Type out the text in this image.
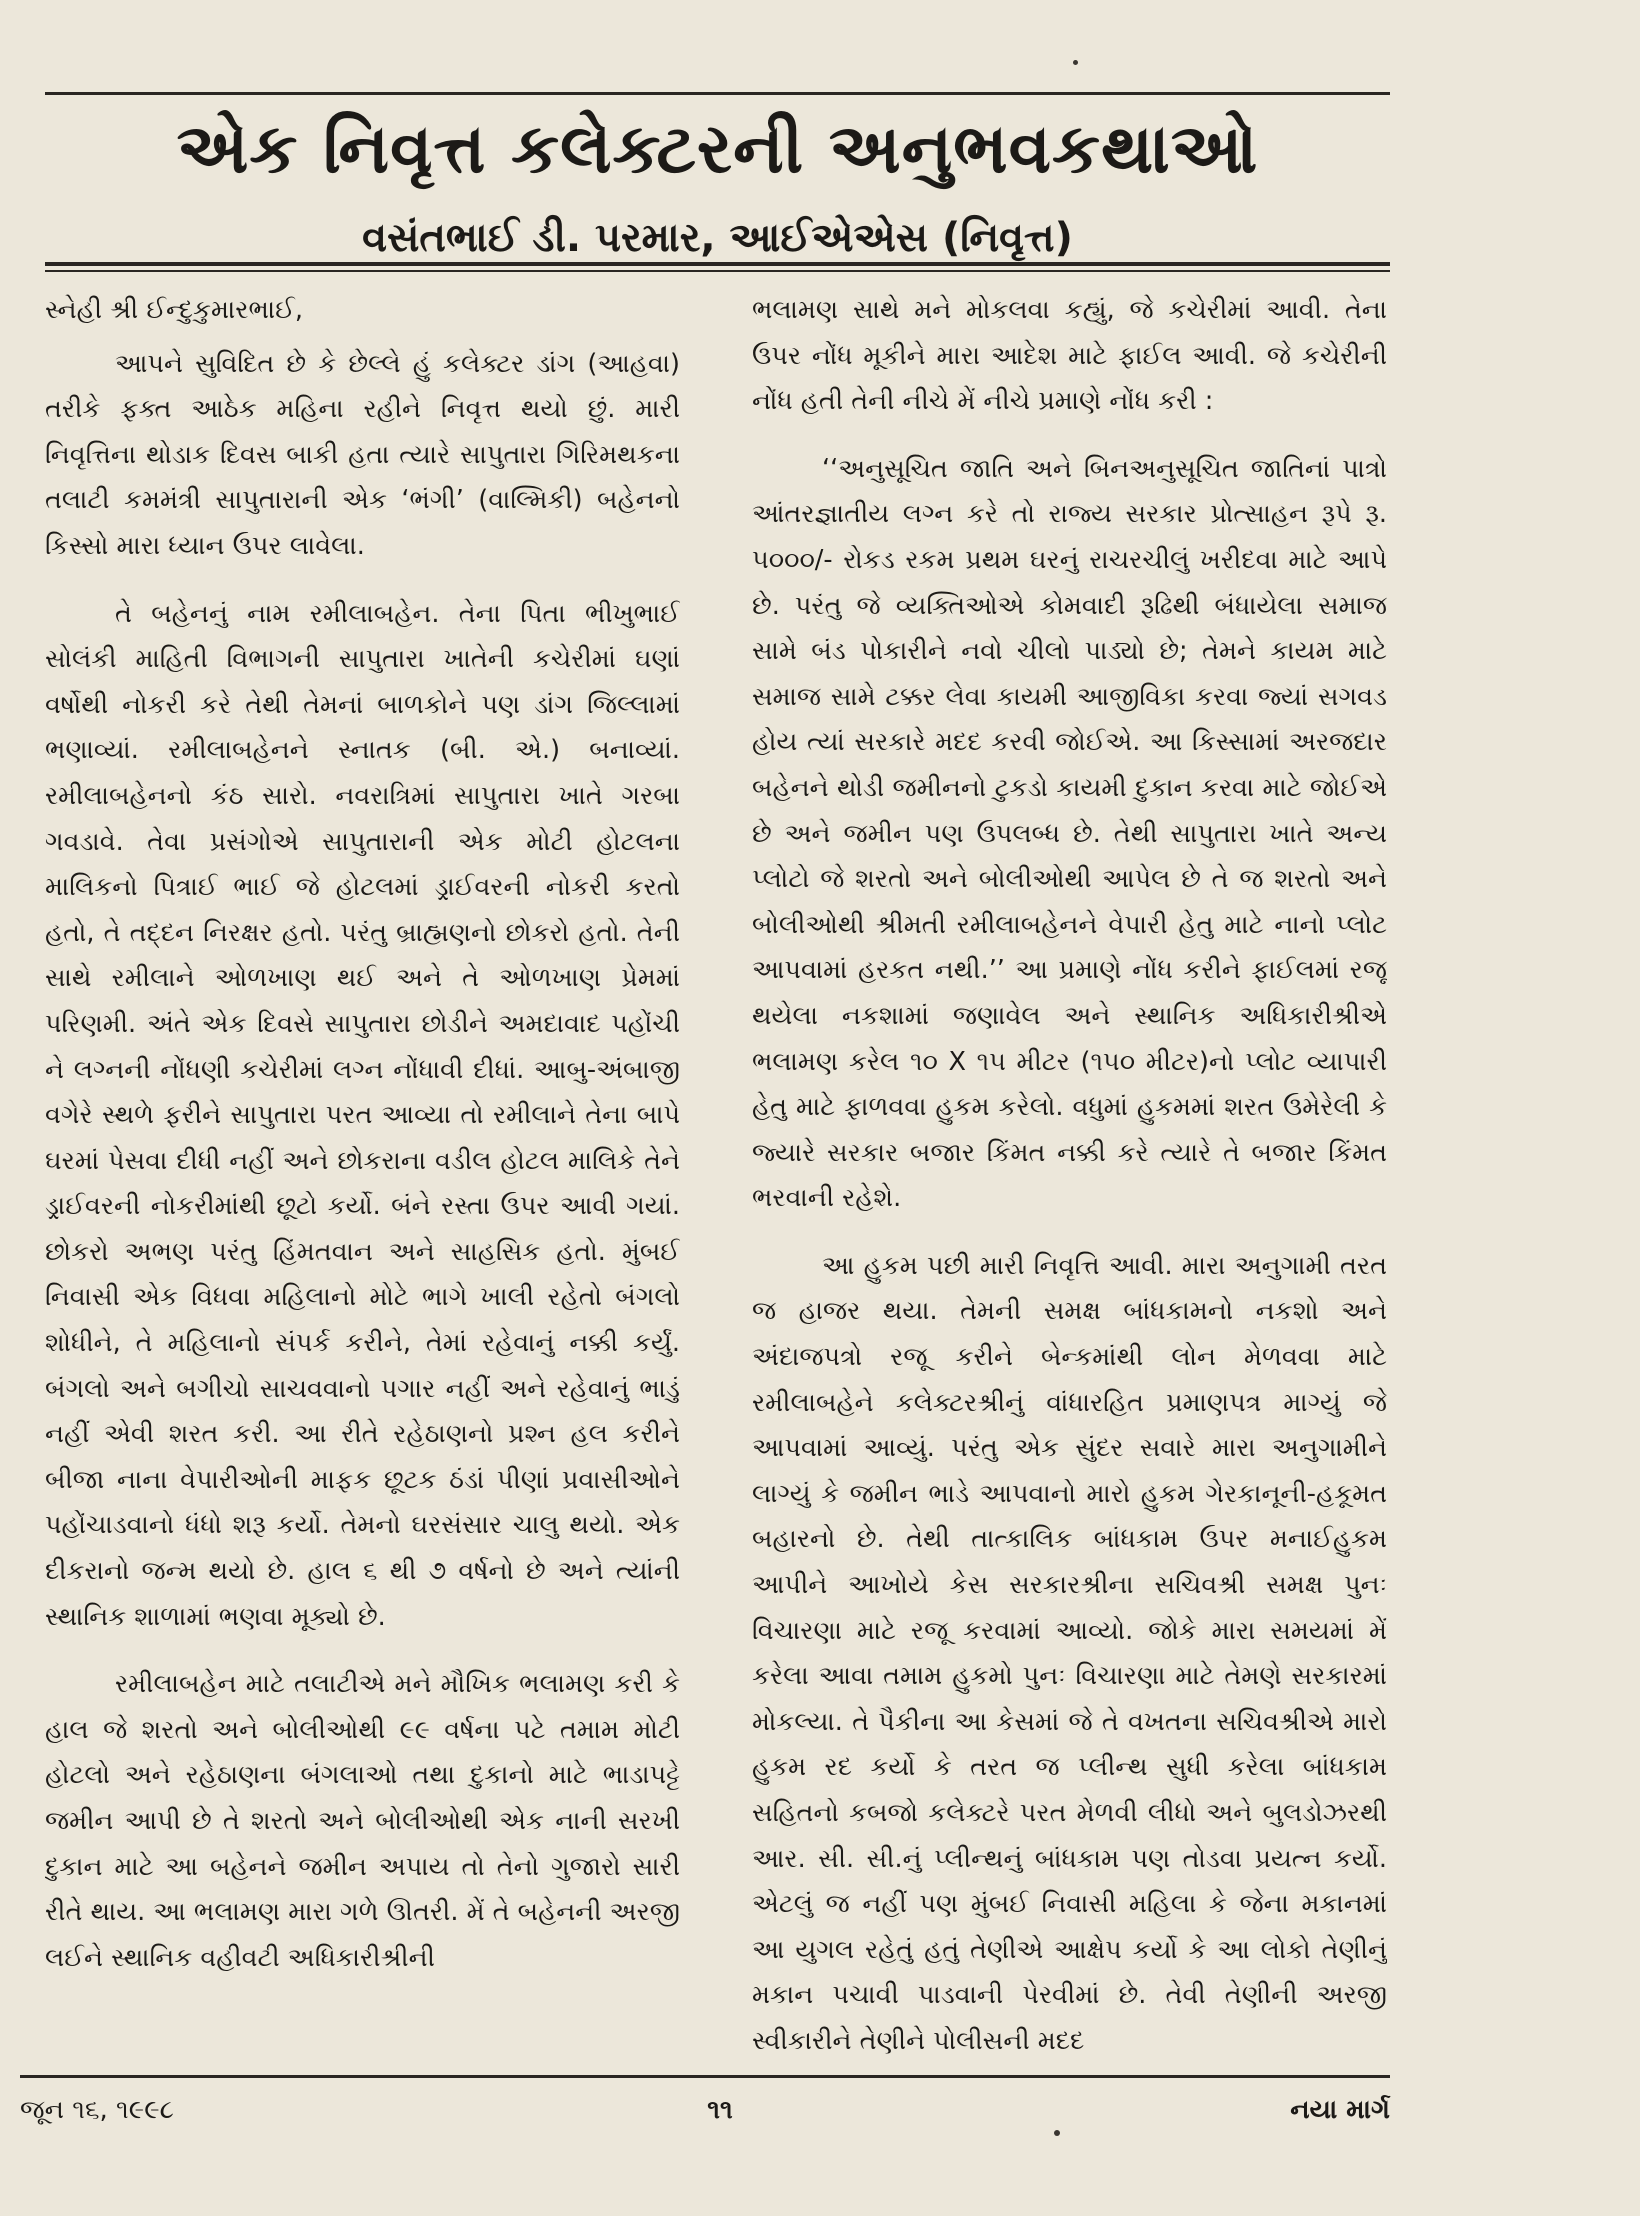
એક નિવૃત્ત કલેક્ટરની અનુભવકથાઓ
વસંતભાઈ ડી. પરમાર, આઈએએસ (નિવૃત્ત)

સ્નેહી શ્રી ઈન્દુકુમારભાઈ,

આપને સુવિદિત છે કે છેલ્લે હું કલેક્ટર ડાંગ (આહવા) તરીકે ફક્ત આઠેક મહિના રહીને નિવૃત્ત થયો છું. મારી નિવૃત્તિના થોડાક દિવસ બાકી હતા ત્યારે સાપુતારા ગિરિમથકના તલાટી કમમંત્રી સાપુતારાની એક ‘ભંગી’ (વાલ્મિકી) બહેનનો કિસ્સો મારા ધ્યાન ઉપર લાવેલા.

તે બહેનનું નામ રમીલાબહેન. તેના પિતા ભીખુભાઈ સોલંકી માહિતી વિભાગની સાપુતારા ખાતેની કચેરીમાં ઘણાં વર્ષોથી નોકરી કરે તેથી તેમનાં બાળકોને પણ ડાંગ જિલ્લામાં ભણાવ્યાં. રમીલાબહેનને સ્નાતક (બી. એ.) બનાવ્યાં. રમીલાબહેનનો કંઠ સારો. નવરાત્રિમાં સાપુતારા ખાતે ગરબા ગવડાવે. તેવા પ્રસંગોએ સાપુતારાની એક મોટી હોટલના માલિકનો પિત્રાઈ ભાઈ જે હોટલમાં ડ્રાઈવરની નોકરી કરતો હતો, તે તદ્દન નિરક્ષર હતો. પરંતુ બ્રાહ્મણનો છોકરો હતો. તેની સાથે રમીલાને ઓળખાણ થઈ અને તે ઓળખાણ પ્રેમમાં પરિણમી. અંતે એક દિવસે સાપુતારા છોડીને અમદાવાદ પહોંચી ને લગ્નની નોંધણી કચેરીમાં લગ્ન નોંધાવી દીધાં. આબુ-અંબાજી વગેરે સ્થળે ફરીને સાપુતારા પરત આવ્યા તો રમીલાને તેના બાપે ઘરમાં પેસવા દીધી નહીં અને છોકરાના વડીલ હોટલ માલિકે તેને ડ્રાઈવરની નોકરીમાંથી છૂટો કર્યો. બંને રસ્તા ઉપર આવી ગયાં. છોકરો અભણ પરંતુ હિંમતવાન અને સાહસિક હતો. મુંબઈ નિવાસી એક વિધવા મહિલાનો મોટે ભાગે ખાલી રહેતો બંગલો શોધીને, તે મહિલાનો સંપર્ક કરીને, તેમાં રહેવાનું નક્કી કર્યું. બંગલો અને બગીચો સાચવવાનો પગાર નહીં અને રહેવાનું ભાડું નહીં એવી શરત કરી. આ રીતે રહેઠાણનો પ્રશ્ન હલ કરીને બીજા નાના વેપારીઓની માફક છૂટક ઠંડાં પીણાં પ્રવાસીઓને પહોંચાડવાનો ધંધો શરૂ કર્યો. તેમનો ઘરસંસાર ચાલુ થયો. એક દીકરાનો જન્મ થયો છે. હાલ ૬ થી ૭ વર્ષનો છે અને ત્યાંની સ્થાનિક શાળામાં ભણવા મૂક્યો છે.

રમીલાબહેન માટે તલાટીએ મને મૌખિક ભલામણ કરી કે હાલ જે શરતો અને બોલીઓથી ૯૯ વર્ષના પટે તમામ મોટી હોટલો અને રહેઠાણના બંગલાઓ તથા દુકાનો માટે ભાડાપટ્ટે જમીન આપી છે તે શરતો અને બોલીઓથી એક નાની સરખી દુકાન માટે આ બહેનને જમીન અપાય તો તેનો ગુજારો સારી રીતે થાય. આ ભલામણ મારા ગળે ઊતરી. મેં તે બહેનની અરજી લઈને સ્થાનિક વહીવટી અધિકારીશ્રીની

ભલામણ સાથે મને મોકલવા કહ્યું, જે કચેરીમાં આવી. તેના ઉપર નોંધ મૂકીને મારા આદેશ માટે ફાઈલ આવી. જે કચેરીની નોંધ હતી તેની નીચે મેં નીચે પ્રમાણે નોંધ કરી :

‘‘અનુસૂચિત જાતિ અને બિનઅનુસૂચિત જાતિનાં પાત્રો આંતરજ્ઞાતીય લગ્ન કરે તો રાજ્ય સરકાર પ્રોત્સાહન રૂપે રૂ. ૫૦૦૦/- રોકડ રકમ પ્રથમ ઘરનું રાચરચીલું ખરીદવા માટે આપે છે. પરંતુ જે વ્યક્તિઓએ કોમવાદી રૂઢિથી બંધાયેલા સમાજ સામે બંડ પોકારીને નવો ચીલો પાડ્યો છે; તેમને કાયમ માટે સમાજ સામે ટક્કર લેવા કાયમી આજીવિકા કરવા જ્યાં સગવડ હોય ત્યાં સરકારે મદદ કરવી જોઈએ. આ કિસ્સામાં અરજદાર બહેનને થોડી જમીનનો ટુકડો કાયમી દુકાન કરવા માટે જોઈએ છે અને જમીન પણ ઉપલબ્ધ છે. તેથી સાપુતારા ખાતે અન્ય પ્લોટો જે શરતો અને બોલીઓથી આપેલ છે તે જ શરતો અને બોલીઓથી શ્રીમતી રમીલાબહેનને વેપારી હેતુ માટે નાનો પ્લોટ આપવામાં હરકત નથી.’’ આ પ્રમાણે નોંધ કરીને ફાઈલમાં રજૂ થયેલા નકશામાં જણાવેલ અને સ્થાનિક અધિકારીશ્રીએ ભલામણ કરેલ ૧૦ X ૧૫ મીટર (૧૫૦ મીટર)નો પ્લોટ વ્યાપારી હેતુ માટે ફાળવવા હુકમ કરેલો. વધુમાં હુકમમાં શરત ઉમેરેલી કે જ્યારે સરકાર બજાર કિંમત નક્કી કરે ત્યારે તે બજાર કિંમત ભરવાની રહેશે.

આ હુકમ પછી મારી નિવૃત્તિ આવી. મારા અનુગામી તરત જ હાજર થયા. તેમની સમક્ષ બાંધકામનો નકશો અને અંદાજપત્રો રજૂ કરીને બેન્કમાંથી લોન મેળવવા માટે રમીલાબહેને કલેક્ટરશ્રીનું વાંધારહિત પ્રમાણપત્ર માગ્યું જે આપવામાં આવ્યું. પરંતુ એક સુંદર સવારે મારા અનુગામીને લાગ્યું કે જમીન ભાડે આપવાનો મારો હુકમ ગેરકાનૂની-હકૂમત બહારનો છે. તેથી તાત્કાલિક બાંધકામ ઉપર મનાઈહુકમ આપીને આખોયે કેસ સરકારશ્રીના સચિવશ્રી સમક્ષ પુનઃ વિચારણા માટે રજૂ કરવામાં આવ્યો. જોકે મારા સમયમાં મેં કરેલા આવા તમામ હુકમો પુનઃ વિચારણા માટે તેમણે સરકારમાં મોકલ્યા. તે પૈકીના આ કેસમાં જે તે વખતના સચિવશ્રીએ મારો હુકમ રદ કર્યો કે તરત જ પ્લીન્થ સુધી કરેલા બાંધકામ સહિતનો કબજો કલેક્ટરે પરત મેળવી લીધો અને બુલડોઝરથી આર. સી. સી.નું પ્લીન્થનું બાંધકામ પણ તોડવા પ્રયત્ન કર્યો. એટલું જ નહીં પણ મુંબઈ નિવાસી મહિલા કે જેના મકાનમાં આ યુગલ રહેતું હતું તેણીએ આક્ષેપ કર્યો કે આ લોકો તેણીનું મકાન પચાવી પાડવાની પેરવીમાં છે. તેવી તેણીની અરજી સ્વીકારીને તેણીને પોલીસની મદદ

જૂન ૧૬, ૧૯૯૮	૧૧	નયા માર્ગ
